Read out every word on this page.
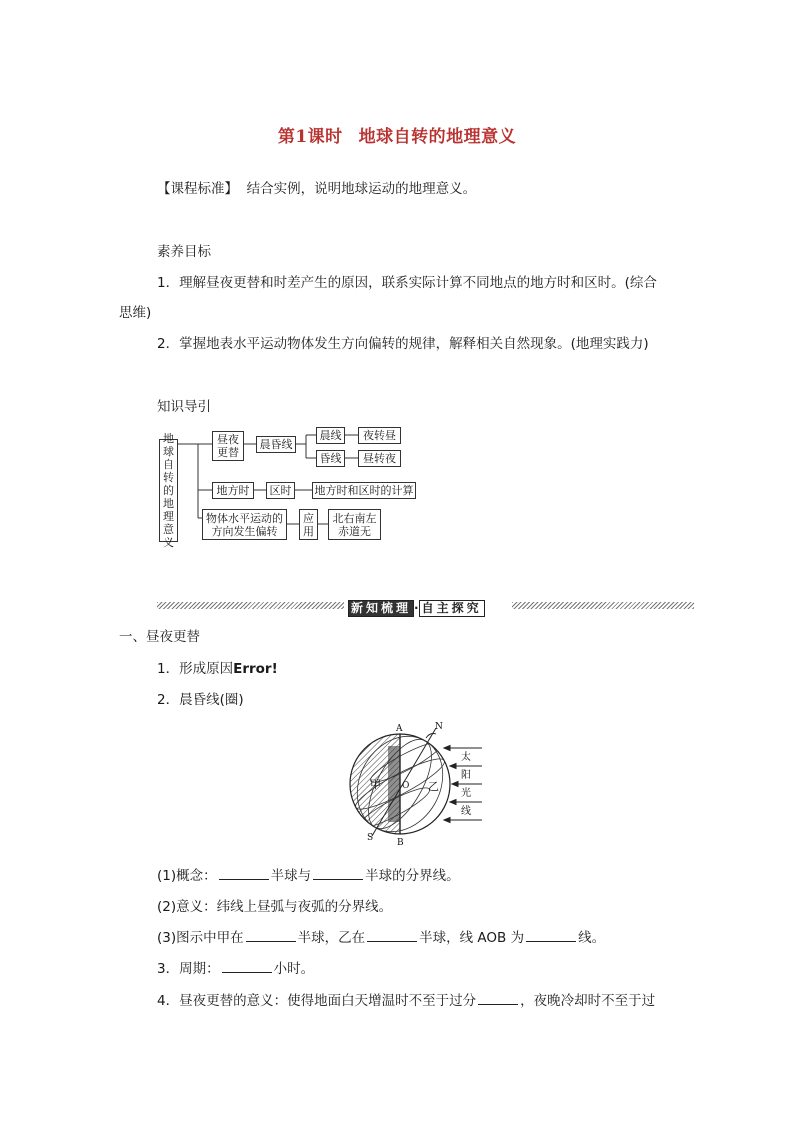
第1课时 地球自转的地理意义
【课程标准】 结合实例，说明地球运动的地理意义。
素养目标
1．理解昼夜更替和时差产生的原因，联系实际计算不同地点的地方时和区时。(综合
思维)
2．掌握地表水平运动物体发生方向偏转的规律，解释相关自然现象。(地理实践力)
知识导引
地
球
自
转
的
地
理
意
义
昼夜
更替
晨昏线
晨线
昏线
夜转昼
昼转夜
地方时	区时	地方时和区时的计算
物体水平运动的
方向发生偏转
应
用
北右南左
赤道无
新知梳理 · 自主探究
一、昼夜更替
1．形成原因Error!
2．晨昏线(圈)
A
B
N
S
O
甲	乙
太
阳
光
线
(1)概念：	半球与	半球的分界线。
(2)意义：纬线上昼弧与夜弧的分界线。
(3)图示中甲在	半球，乙在	半球，线 AOB 为	线。
3．周期：	小时。
4．昼夜更替的意义：使得地面白天增温时不至于过分	，夜晚冷却时不至于过
